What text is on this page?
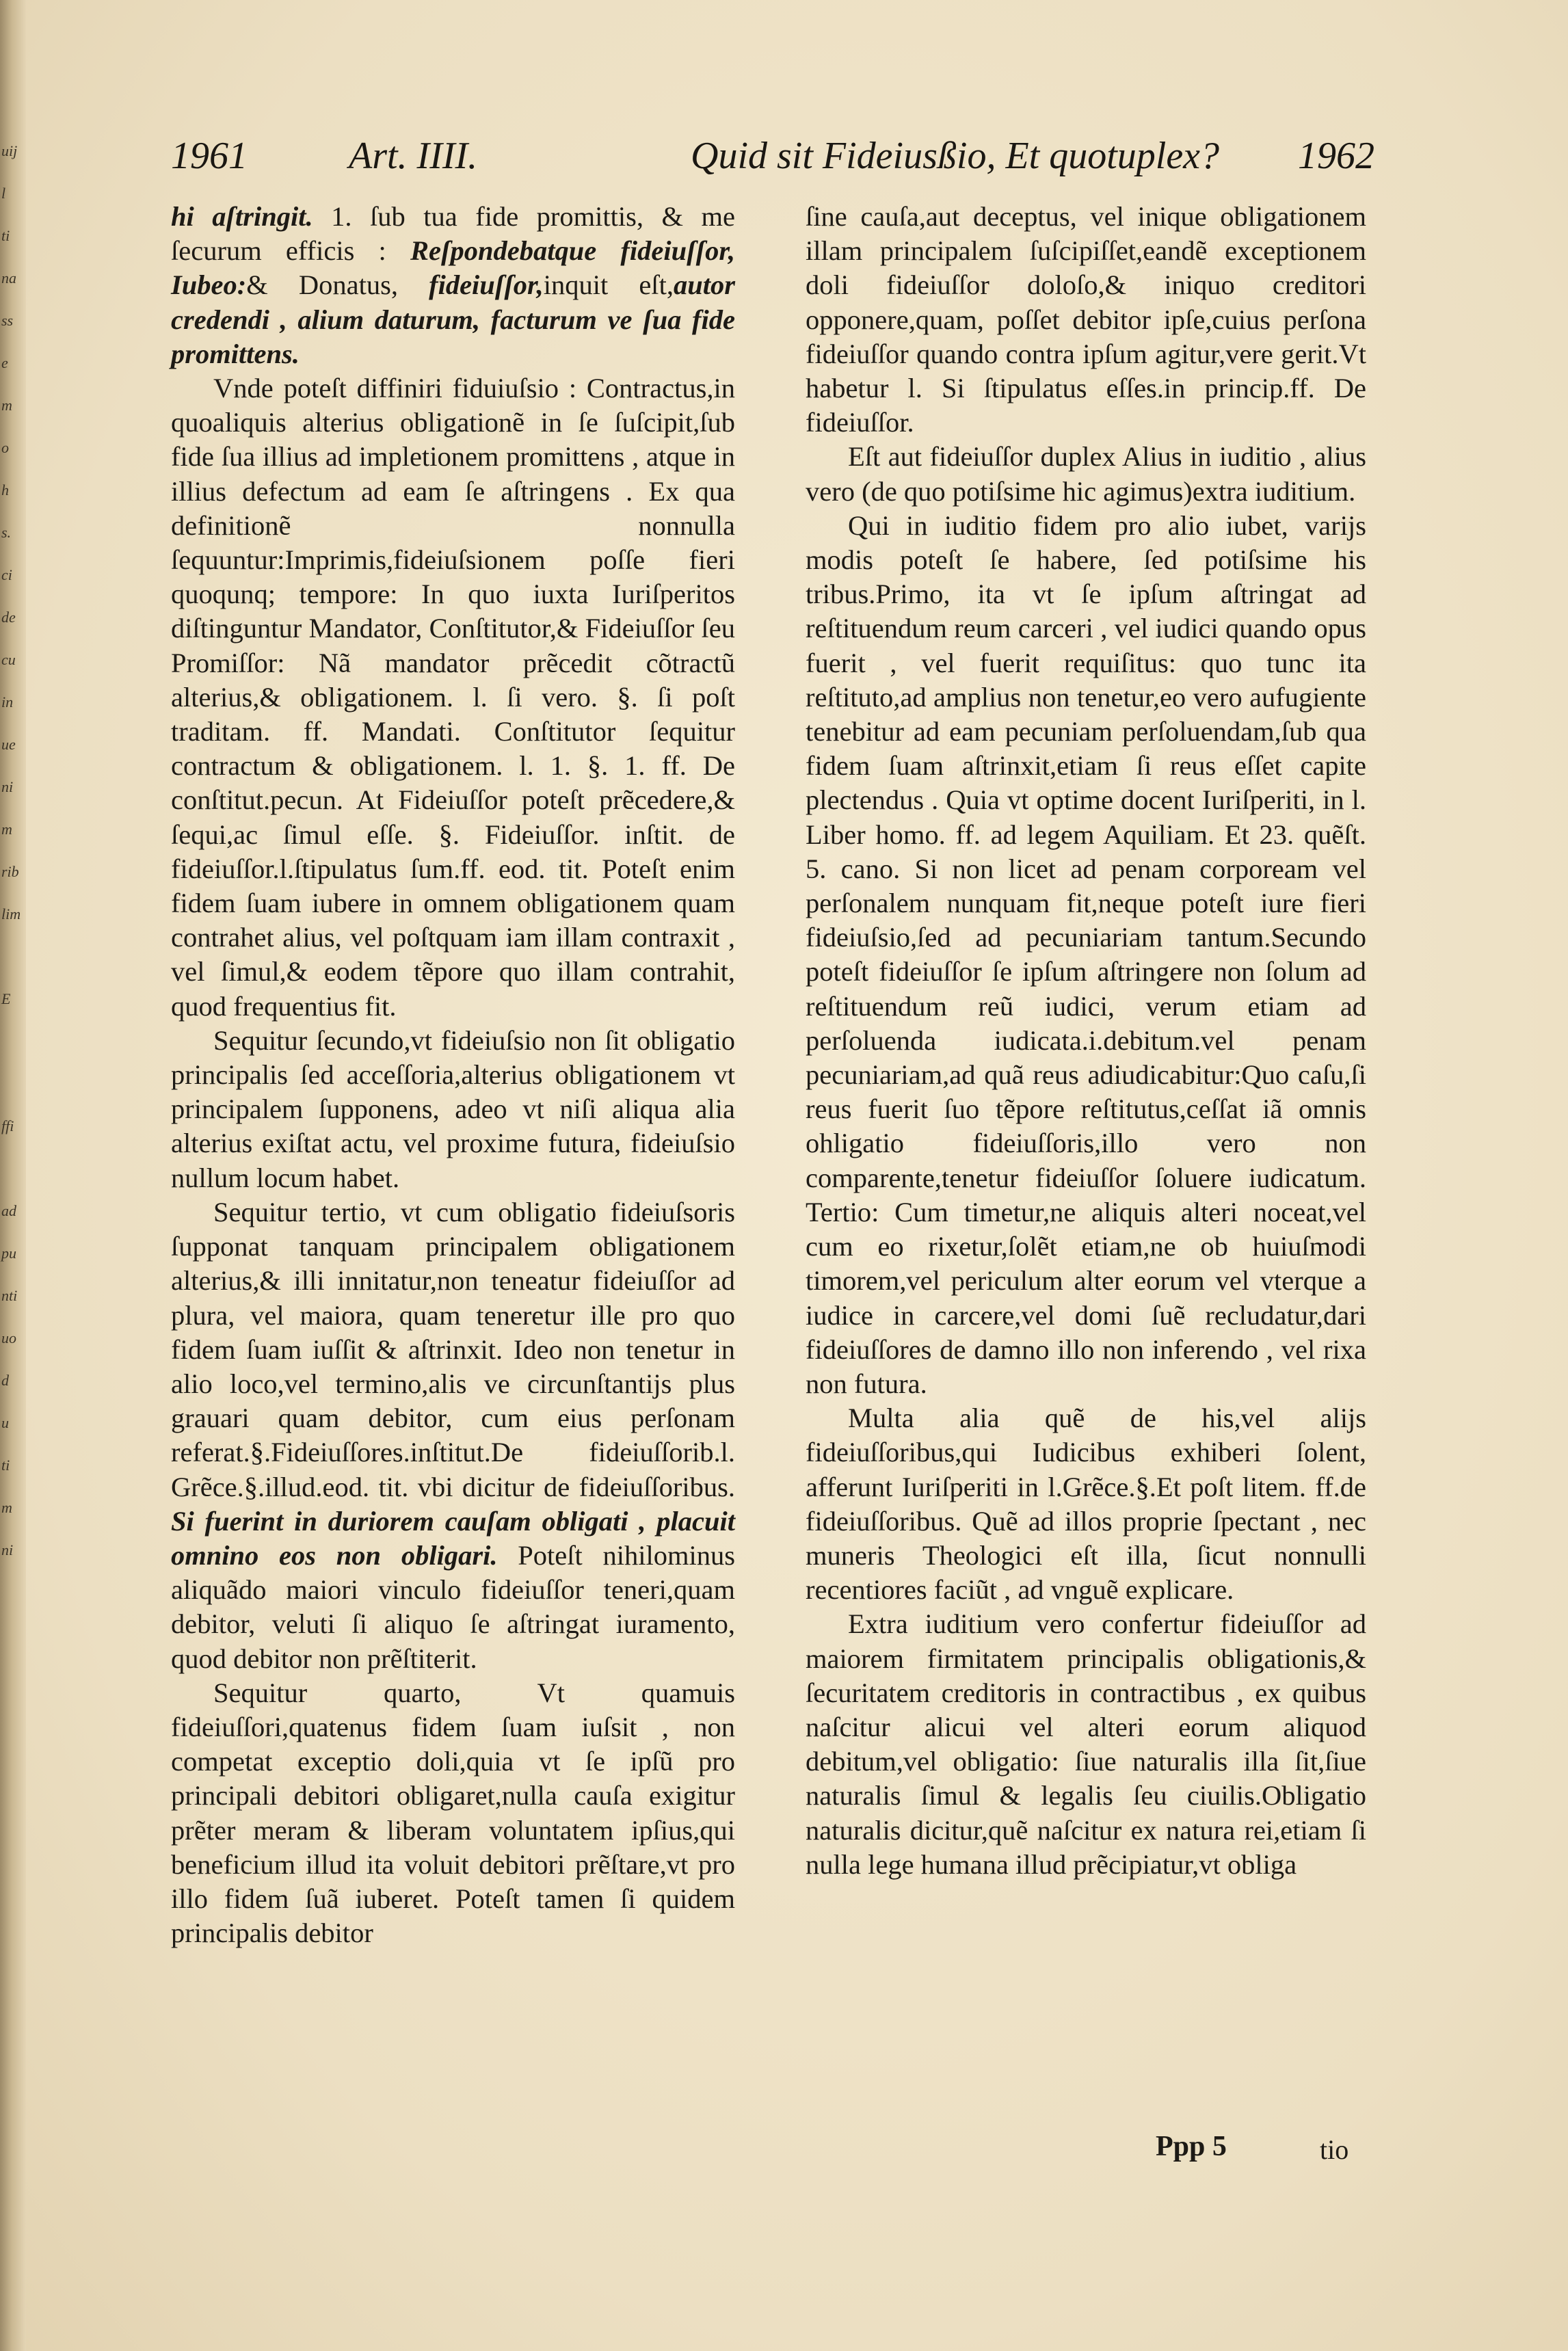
uij
l
ti
na
ss
e
m
o
h
s.
ci
de
cu
in
ue
ni
m
rib
lim

E

ffi

ad
pu
nti
uo
d
u
ti
m
ni
1961	Art. IIII.	Quid sit Fideiusßio, Et quotuplex? 1962

hi aſtringit. 1. ſub tua fide promittis, & me ſecurum efficis : Reſpondebatque fideiuſſor, Iubeo:& Donatus, fideiuſſor,inquit eſt,autor credendi , alium daturum, facturum ve ſua fide promittens.

Vnde poteſt diffiniri fiduiuſsio : Contractus,in quoaliquis alterius obligationẽ in ſe ſuſcipit,ſub fide ſua illius ad impletionem promittens , atque in illius defectum ad eam ſe aſtringens . Ex qua definitionẽ nonnulla ſequuntur:Imprimis,fideiuſsionem poſſe fieri quoqunq; tempore: In quo iuxta Iuriſperitos diſtinguntur Mandator, Conſtitutor,& Fideiuſſor ſeu Promiſſor: Nã mandator prẽcedit cõtractũ alterius,& obligationem. l. ſi vero. §. ſi poſt traditam. ff. Mandati. Conſtitutor ſequitur contractum & obligationem. l. 1. §. 1. ff. De conſtitut.pecun. At Fideiuſſor poteſt prẽcedere,& ſequi,ac ſimul eſſe. §. Fideiuſſor. inſtit. de fideiuſſor.l.ſtipulatus ſum.ff. eod. tit. Poteſt enim fidem ſuam iubere in omnem obligationem quam contrahet alius, vel poſtquam iam illam contraxit , vel ſimul,& eodem tẽpore quo illam contrahit, quod frequentius fit.

Sequitur ſecundo,vt fideiuſsio non ſit obligatio principalis ſed acceſſoria,alterius obligationem vt principalem ſupponens, adeo vt niſi aliqua alia alterius exiſtat actu, vel proxime futura, fideiuſsio nullum locum habet.

Sequitur tertio, vt cum obligatio fideiuſsoris ſupponat tanquam principalem obligationem alterius,& illi innitatur,non teneatur fideiuſſor ad plura, vel maiora, quam teneretur ille pro quo fidem ſuam iuſſit & aſtrinxit. Ideo non tenetur in alio loco,vel termino,alis ve circunſtantijs plus grauari quam debitor, cum eius perſonam referat.§.Fideiuſſores.inſtitut.De fideiuſſorib.l. Grẽce.§.illud.eod. tit. vbi dicitur de fideiuſſoribus. Si fuerint in duriorem cauſam obligati , placuit omnino eos non obligari. Poteſt nihilominus aliquãdo maiori vinculo fideiuſſor teneri,quam debitor, veluti ſi aliquo ſe aſtringat iuramento, quod debitor non prẽſtiterit.

Sequitur quarto, Vt quamuis fideiuſſori,quatenus fidem ſuam iuſsit , non competat exceptio doli,quia vt ſe ipſũ pro principali debitori obligaret,nulla cauſa exigitur prẽter meram & liberam voluntatem ipſius,qui beneficium illud ita voluit debitori prẽſtare,vt pro illo fidem ſuã iuberet. Poteſt tamen ſi quidem principalis debitor

ſine cauſa,aut deceptus, vel inique obligationem illam principalem ſuſcipiſſet,eandẽ exceptionem doli fideiuſſor doloſo,& iniquo creditori opponere,quam, poſſet debitor ipſe,cuius perſona fideiuſſor quando contra ipſum agitur,vere gerit.Vt habetur l. Si ſtipulatus eſſes.in princip.ff. De fideiuſſor.

Eſt aut fideiuſſor duplex Alius in iuditio , alius vero (de quo potiſsime hic agimus)extra iuditium.

Qui in iuditio fidem pro alio iubet, varijs modis poteſt ſe habere, ſed potiſsime his tribus.Primo, ita vt ſe ipſum aſtringat ad reſtituendum reum carceri , vel iudici quando opus fuerit , vel fuerit requiſitus: quo tunc ita reſtituto,ad amplius non tenetur,eo vero aufugiente tenebitur ad eam pecuniam perſoluendam,ſub qua fidem ſuam aſtrinxit,etiam ſi reus eſſet capite plectendus . Quia vt optime docent Iuriſperiti, in l. Liber homo. ff. ad legem Aquiliam. Et 23. quẽſt. 5. cano. Si non licet ad penam corpoream vel perſonalem nunquam fit,neque poteſt iure fieri fideiuſsio,ſed ad pecuniariam tantum.Secundo poteſt fideiuſſor ſe ipſum aſtringere non ſolum ad reſtituendum reũ iudici, verum etiam ad perſoluenda iudicata.i.debitum.vel penam pecuniariam,ad quã reus adiudicabitur:Quo caſu,ſi reus fuerit ſuo tẽpore reſtitutus,ceſſat iã omnis ohligatio fideiuſſoris,illo vero non comparente,tenetur fideiuſſor ſoluere iudicatum. Tertio: Cum timetur,ne aliquis alteri noceat,vel cum eo rixetur,ſolẽt etiam,ne ob huiuſmodi timorem,vel periculum alter eorum vel vterque a iudice in carcere,vel domi ſuẽ recludatur,dari fideiuſſores de damno illo non inferendo , vel rixa non futura.

Multa alia quẽ de his,vel alijs fideiuſſoribus,qui Iudicibus exhiberi ſolent, afferunt Iuriſperiti in l.Grẽce.§.Et poſt litem. ff.de fideiuſſoribus. Quẽ ad illos proprie ſpectant , nec muneris Theologici eſt illa, ſicut nonnulli recentiores faciũt , ad vnguẽ explicare.

Extra iuditium vero confertur fideiuſſor ad maiorem firmitatem principalis obligationis,& ſecuritatem creditoris in contractibus , ex quibus naſcitur alicui vel alteri eorum aliquod debitum,vel obligatio: ſiue naturalis illa ſit,ſiue naturalis ſimul & legalis ſeu ciuilis.Obligatio naturalis dicitur,quẽ naſcitur ex natura rei,etiam ſi nulla lege humana illud prẽcipiatur,vt obliga

Ppp 5	tio
